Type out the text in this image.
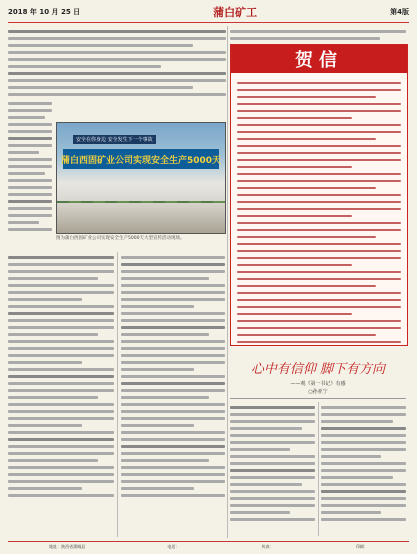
2018 年 10 月 25 日	蒲白矿工	第4版
安全在你身边 安全发生下一个事故
蒲白西固矿业公司实现安全生产5000天
图为蒲白西固矿业公司实现安全生产5000天大型宣传活动现场。
贺信
心中有信仰 脚下有方向
——观《第一书记》有感
○孙亚宁
地址：陕西省蒲城县	电话：	传真：	印刷：
